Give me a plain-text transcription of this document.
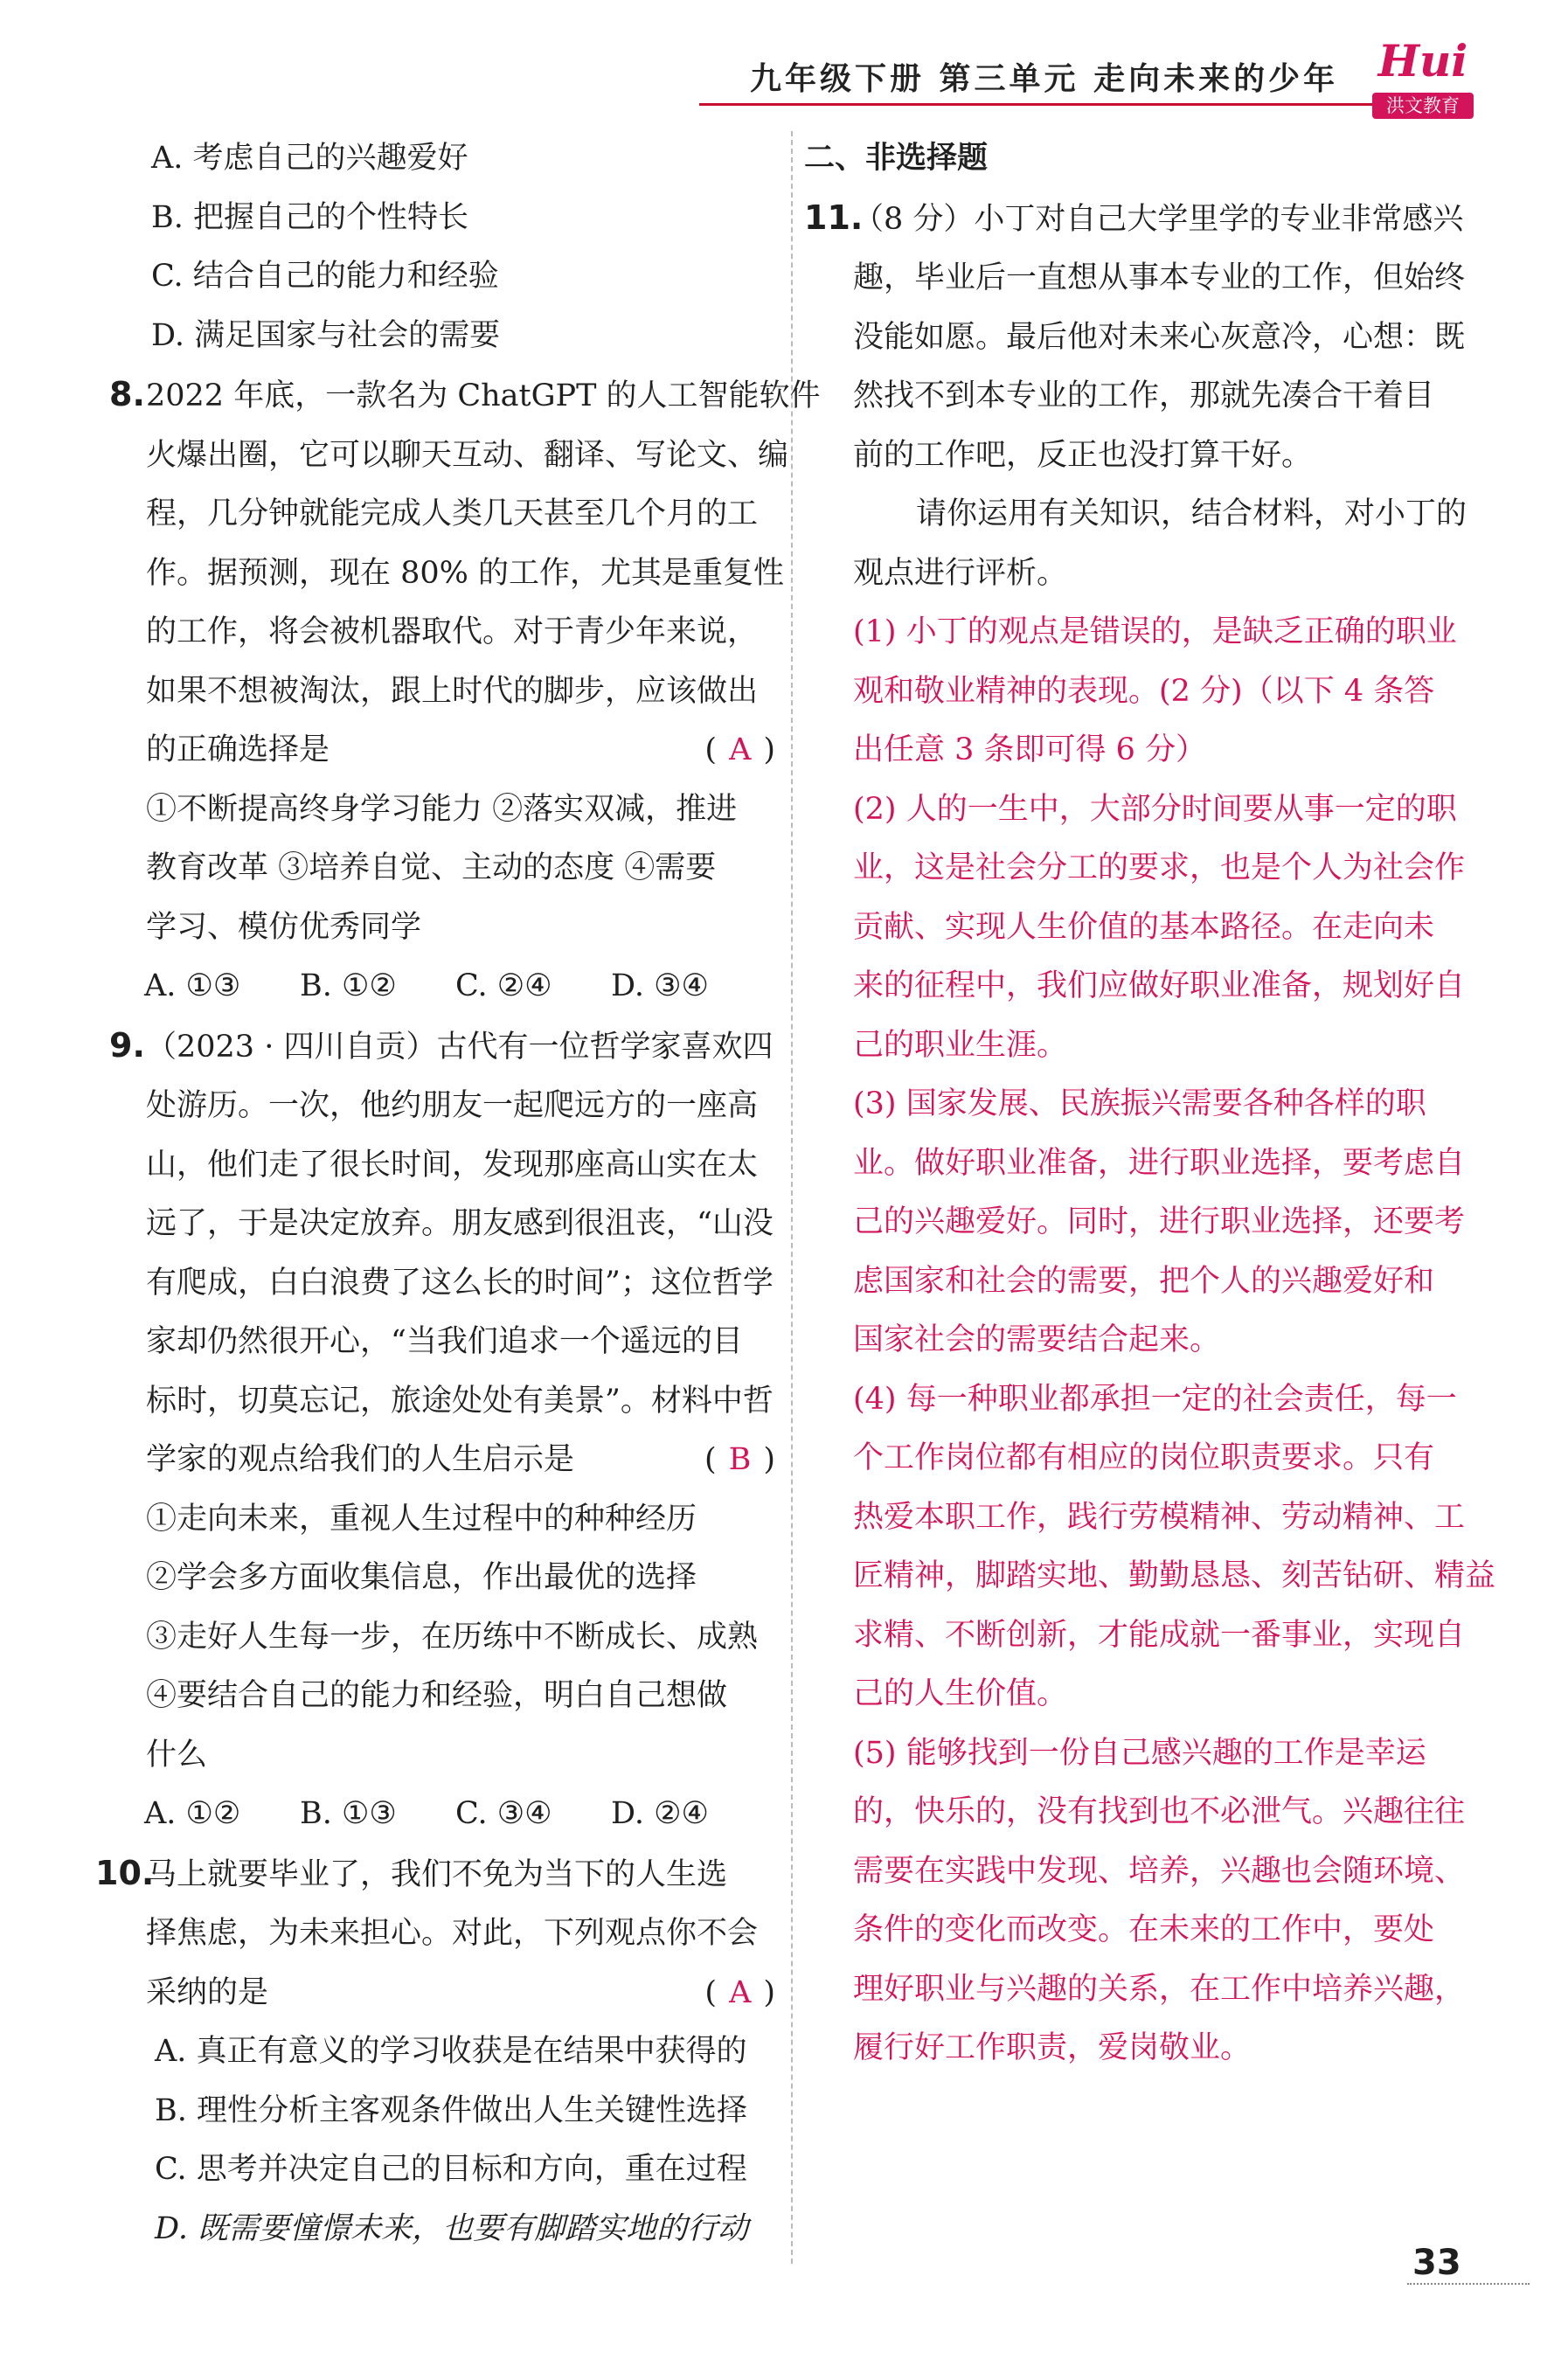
九年级下册 第三单元 走向未来的少年 Hui
洪文教育
A. 考虑自己的兴趣爱好
B. 把握自己的个性特长
C. 结合自己的能力和经验
D. 满足国家与社会的需要
8.2022 年底，一款名为 ChatGPT 的人工智能软件
火爆出圈，它可以聊天互动、翻译、写论文、编
程，几分钟就能完成人类几天甚至几个月的工
作。据预测，现在 80% 的工作，尤其是重复性
的工作，将会被机器取代。对于青少年来说，
如果不想被淘汰，跟上时代的脚步，应该做出
的正确选择是	( A )
①不断提高终身学习能力 ②落实双减，推进
教育改革 ③培养自觉、主动的态度 ④需要
学习、模仿优秀同学
A. ①③	B. ①②	C. ②④	D. ③④
9.（2023 · 四川自贡）古代有一位哲学家喜欢四
处游历。一次，他约朋友一起爬远方的一座高
山，他们走了很长时间，发现那座高山实在太
远了，于是决定放弃。朋友感到很沮丧，“山没
有爬成，白白浪费了这么长的时间”；这位哲学
家却仍然很开心，“当我们追求一个遥远的目
标时，切莫忘记，旅途处处有美景”。材料中哲
学家的观点给我们的人生启示是	( B )
①走向未来，重视人生过程中的种种经历
②学会多方面收集信息，作出最优的选择
③走好人生每一步，在历练中不断成长、成熟
④要结合自己的能力和经验，明白自己想做
什么
A. ①②	B. ①③	C. ③④	D. ②④
10.马上就要毕业了，我们不免为当下的人生选
择焦虑，为未来担心。对此，下列观点你不会
采纳的是	( A )
A. 真正有意义的学习收获是在结果中获得的
B. 理性分析主客观条件做出人生关键性选择
C. 思考并决定自己的目标和方向，重在过程
D. 既需要憧憬未来，也要有脚踏实地的行动
二、非选择题
11.（8 分）小丁对自己大学里学的专业非常感兴
趣，毕业后一直想从事本专业的工作，但始终
没能如愿。最后他对未来心灰意冷，心想：既
然找不到本专业的工作，那就先凑合干着目
前的工作吧，反正也没打算干好。
请你运用有关知识，结合材料，对小丁的
观点进行评析。
(1) 小丁的观点是错误的，是缺乏正确的职业
观和敬业精神的表现。(2 分)（以下 4 条答
出任意 3 条即可得 6 分）
(2) 人的一生中，大部分时间要从事一定的职
业，这是社会分工的要求，也是个人为社会作
贡献、实现人生价值的基本路径。在走向未
来的征程中，我们应做好职业准备，规划好自
己的职业生涯。
(3) 国家发展、民族振兴需要各种各样的职
业。做好职业准备，进行职业选择，要考虑自
己的兴趣爱好。同时，进行职业选择，还要考
虑国家和社会的需要，把个人的兴趣爱好和
国家社会的需要结合起来。
(4) 每一种职业都承担一定的社会责任，每一
个工作岗位都有相应的岗位职责要求。只有
热爱本职工作，践行劳模精神、劳动精神、工
匠精神，脚踏实地、勤勤恳恳、刻苦钻研、精益
求精、不断创新，才能成就一番事业，实现自
己的人生价值。
(5) 能够找到一份自己感兴趣的工作是幸运
的，快乐的，没有找到也不必泄气。兴趣往往
需要在实践中发现、培养，兴趣也会随环境、
条件的变化而改变。在未来的工作中，要处
理好职业与兴趣的关系，在工作中培养兴趣，
履行好工作职责，爱岗敬业。
33
